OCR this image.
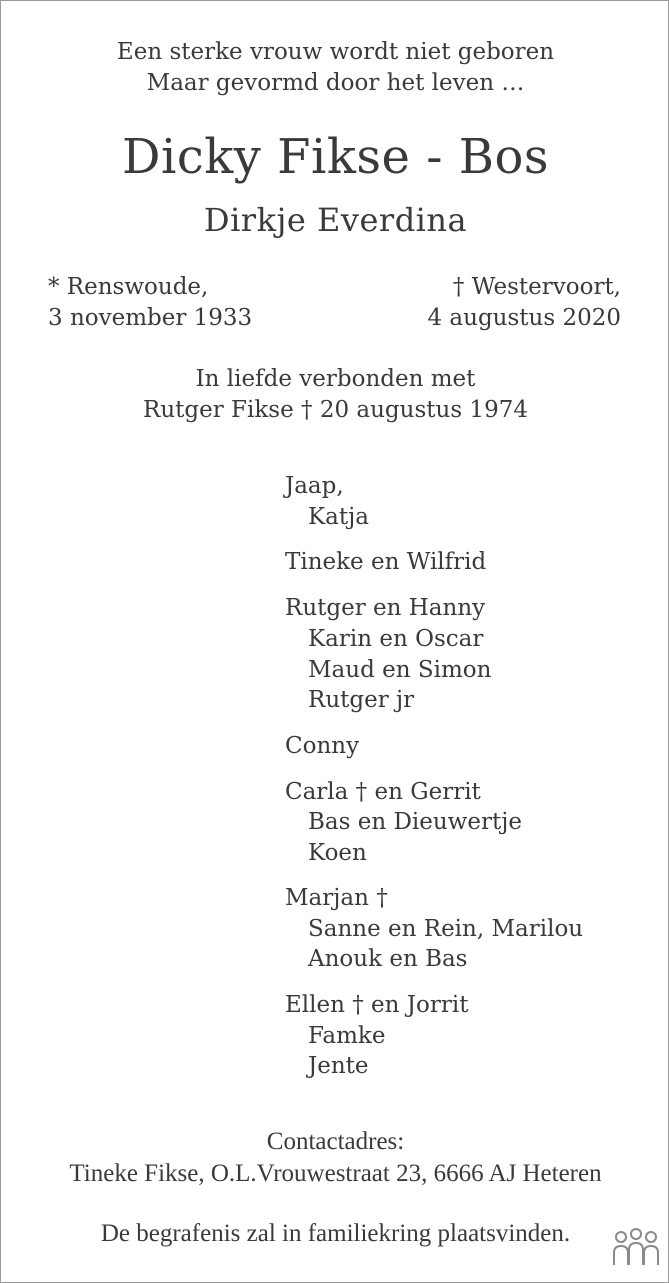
Een sterke vrouw wordt niet geboren
Maar gevormd door het leven …
Dicky Fikse - Bos
Dirkje Everdina
* Renswoude,
3 november 1933
† Westervoort,
4 augustus 2020
In liefde verbonden met
Rutger Fikse † 20 augustus 1974
Jaap,
Katja
Tineke en Wilfrid
Rutger en Hanny
Karin en Oscar
Maud en Simon
Rutger jr
Conny
Carla † en Gerrit
Bas en Dieuwertje
Koen
Marjan †
Sanne en Rein, Marilou
Anouk en Bas
Ellen † en Jorrit
Famke
Jente
Contactadres:
Tineke Fikse, O.L.Vrouwestraat 23, 6666 AJ Heteren
De begrafenis zal in familiekring plaatsvinden.
